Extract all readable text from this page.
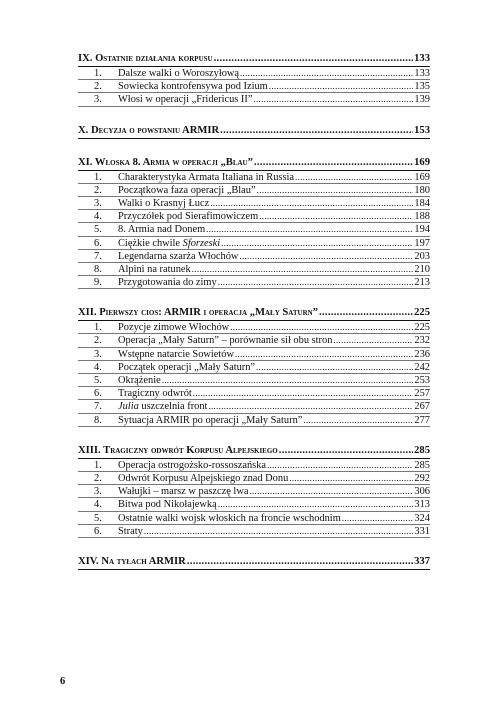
IX. Ostatnie działania korpusu .....	133
1.	Dalsze walki o Woroszyłową .....	133
2.	Sowiecka kontrofensywa pod Izium .....	135
3.	Włosi w operacji „Fridericus II” .....	139
X. Decyzja o powstaniu ARMIR .....	153
XI. Włoska 8. Armia w operacji „Blau” .....	169
1.	Charakterystyka Armata Italiana in Russia .....	169
2.	Początkowa faza operacji „Blau” .....	180
3.	Walki o Krasnyj Łucz .....	184
4.	Przyczółek pod Sierafimowiczem .....	188
5.	8. Armia nad Donem .....	194
6.	Ciężkie chwile Sforzeski .....	197
7.	Legendarna szarża Włochów .....	203
8.	Alpini na ratunek .....	210
9.	Przygotowania do zimy .....	213
XII. Pierwszy cios: ARMIR i operacja „Mały Saturn” .....	225
1.	Pozycje zimowe Włochów .....	225
2.	Operacja „Mały Saturn” – porównanie sił obu stron .....	232
3.	Wstępne natarcie Sowietów .....	236
4.	Początek operacji „Mały Saturn” .....	242
5.	Okrążenie .....	253
6.	Tragiczny odwrót .....	257
7.	Julia uszczelnia front .....	267
8.	Sytuacja ARMIR po operacji „Mały Saturn” .....	277
XIII. Tragiczny odwrót Korpusu Alpejskiego .....	285
1.	Operacja ostrogożsko-rossoszańska .....	285
2.	Odwrót Korpusu Alpejskiego znad Donu .....	292
3.	Wałujki – marsz w paszczę lwa .....	306
4.	Bitwa pod Nikołajewką .....	313
5.	Ostatnie walki wojsk włoskich na froncie wschodnim .....	324
6.	Straty .....	331
XIV. Na tyłach ARMIR .....	337
6
